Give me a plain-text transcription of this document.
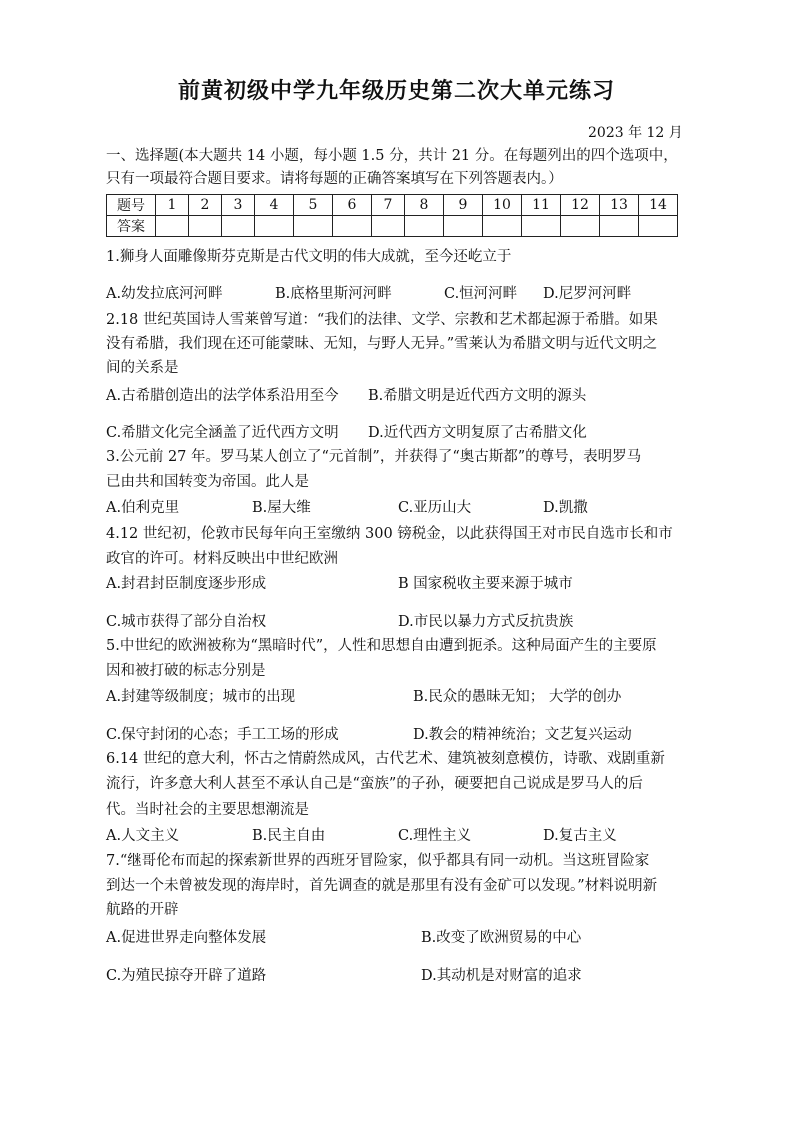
前黄初级中学九年级历史第二次大单元练习
2023 年 12 月
一、选择题(本大题共 14 小题，每小题 1.5 分，共计 21 分。在每题列出的四个选项中，
只有一项最符合题目要求。请将每题的正确答案填写在下列答题表内。）
题号	1	2	3	4	5	6	7	8	9	10	11	12	13	14
答案														
1.狮身人面雕像斯芬克斯是古代文明的伟大成就，至今还屹立于
A.幼发拉底河河畔	B.底格里斯河河畔	C.恒河河畔 D.尼罗河河畔
2.18 世纪英国诗人雪莱曾写道：“我们的法律、文学、宗教和艺术都起源于希腊。如果
没有希腊，我们现在还可能蒙昧、无知，与野人无异。”雪莱认为希腊文明与近代文明之
间的关系是
A.古希腊创造出的法学体系沿用至今 B.希腊文明是近代西方文明的源头
C.希腊文化完全涵盖了近代西方文明 D.近代西方文明复原了古希腊文化
3.公元前 27 年。罗马某人创立了“元首制”，并获得了“奥古斯都”的尊号，表明罗马
已由共和国转变为帝国。此人是
A.伯利克里	B.屋大维	C.亚历山大	D.凯撒
4.12 世纪初，伦敦市民每年向王室缴纳 300 镑税金，以此获得国王对市民自选市长和市
政官的许可。材料反映出中世纪欧洲
A.封君封臣制度逐步形成	B 国家税收主要来源于城市
C.城市获得了部分自治权	D.市民以暴力方式反抗贵族
5.中世纪的欧洲被称为“黑暗时代”，人性和思想自由遭到扼杀。这种局面产生的主要原
因和被打破的标志分别是
A.封建等级制度；城市的出现	B.民众的愚昧无知； 大学的创办
C.保守封闭的心态；手工工场的形成	D.教会的精神统治；文艺复兴运动
6.14 世纪的意大利，怀古之情蔚然成风，古代艺术、建筑被刻意模仿，诗歌、戏剧重新
流行，许多意大利人甚至不承认自己是“蛮族”的子孙，硬要把自己说成是罗马人的后
代。当时社会的主要思想潮流是
A.人文主义	B.民主自由	C.理性主义	D.复古主义
7.“继哥伦布而起的探索新世界的西班牙冒险家，似乎都具有同一动机。当这班冒险家
到达一个未曾被发现的海岸时，首先调查的就是那里有没有金矿可以发现。”材料说明新
航路的开辟
A.促进世界走向整体发展	B.改变了欧洲贸易的中心
C.为殖民掠夺开辟了道路	D.其动机是对财富的追求
